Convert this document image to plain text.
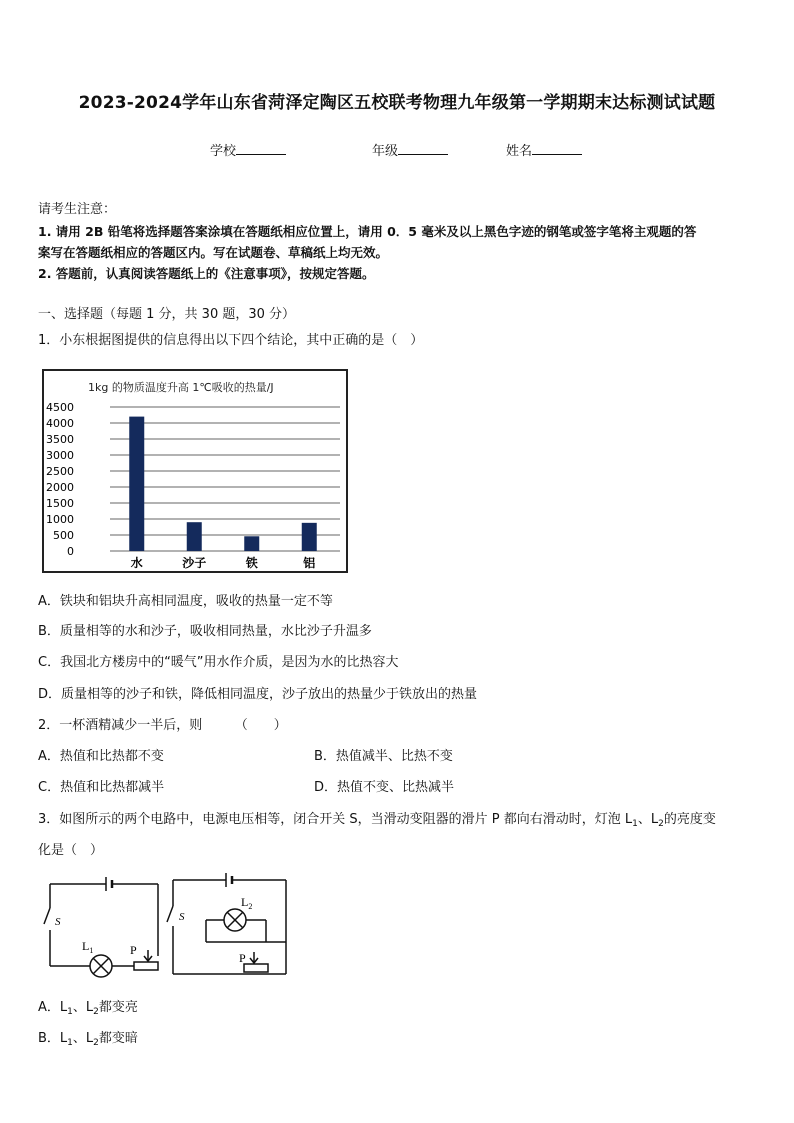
2023-2024学年山东省菏泽定陶区五校联考物理九年级第一学期期末达标测试试题
学校	年级	姓名
请考生注意：
1. 请用 2B 铅笔将选择题答案涂填在答题纸相应位置上，请用 0．5 毫米及以上黑色字迹的钢笔或签字笔将主观题的答
案写在答题纸相应的答题区内。写在试题卷、草稿纸上均无效。
2. 答题前，认真阅读答题纸上的《注意事项》，按规定答题。
一、选择题（每题 1 分，共 30 题，30 分）
1．小东根据图提供的信息得出以下四个结论，其中正确的是（　）
1kg 的物质温度升高 1℃吸收的热量/J
0
500
1000
1500
2000
2500
3000
3500
4000
4500
水	沙子	铁	铝
A．铁块和铝块升高相同温度，吸收的热量一定不等
B．质量相等的水和沙子，吸收相同热量，水比沙子升温多
C．我国北方楼房中的“暖气”用水作介质，是因为水的比热容大
D．质量相等的沙子和铁，降低相同温度，沙子放出的热量少于铁放出的热量
2．一杯酒精减少一半后，则　　　（　　）
A．热值和比热都不变	B．热值减半、比热不变
C．热值和比热都减半	D．热值不变、比热减半
3．如图所示的两个电路中，电源电压相等，闭合开关 S，当滑动变阻器的滑片 P 都向右滑动时，灯泡 $L_1$、$L_2$的亮度变
化是（　）
S
$L_1$	P
S
$L_2$
P
A．$L_1$、$L_2$都变亮
B．$L_1$、$L_2$都变暗
